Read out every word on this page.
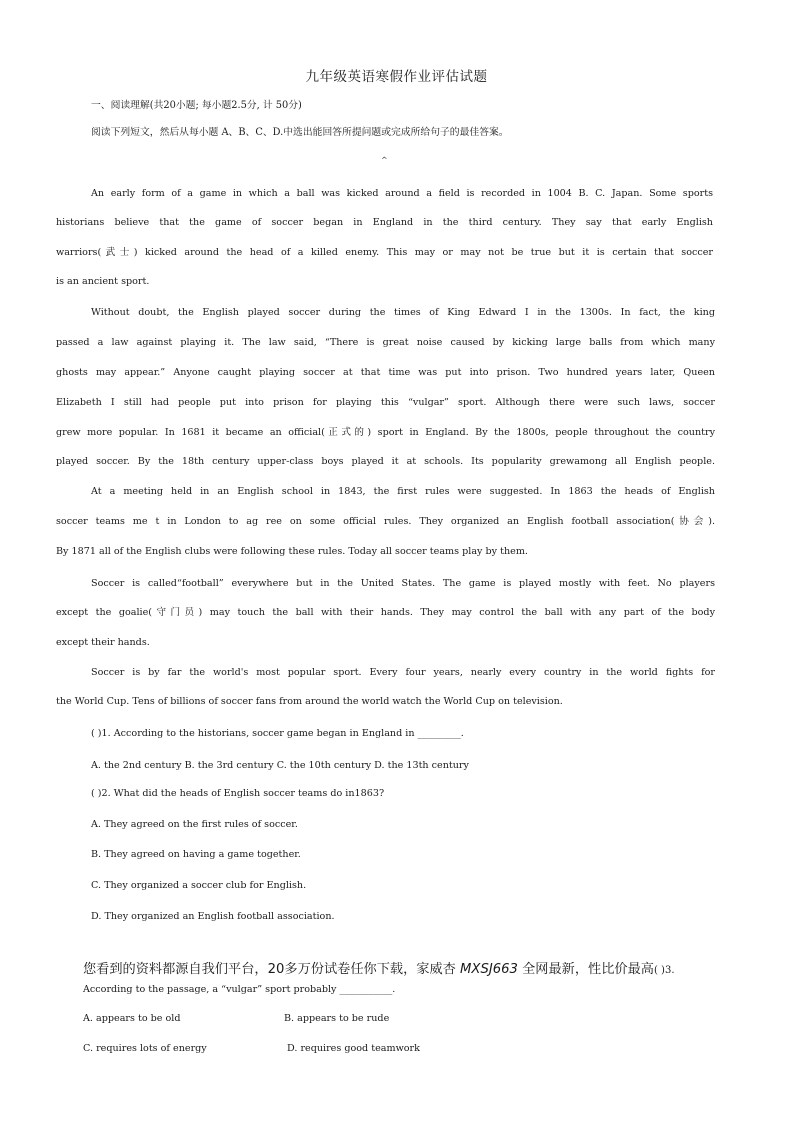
九年级英语寒假作业评估试题
一、阅读理解(共20小题; 每小题2.5分, 计 50分)
阅读下列短文，然后从每小题 A、B、C、D.中选出能回答所提问题或完成所给句子的最佳答案。
^
An early form of a game in which a ball was kicked around a field is recorded in 1004 B. C. Japan. Some sports
historians believe that the game of soccer began in England in the third century. They say that early English
warriors(武士) kicked around the head of a killed enemy. This may or may not be true but it is certain that soccer
is an ancient sport.
Without doubt, the English played soccer during the times of King Edward I in the 1300s. In fact, the king
passed a law against playing it. The law said, “There is great noise caused by kicking large balls from which many
ghosts may appear.” Anyone caught playing soccer at that time was put into prison. Two hundred years later, Queen
Elizabeth I still had people put into prison for playing this “vulgar” sport. Although there were such laws, soccer
grew more popular. In 1681 it became an official(正式的) sport in England. By the 1800s, people throughout the country
played soccer. By the 18th century upper-class boys played it at schools. Its popularity grewamong all English people.
At a meeting held in an English school in 1843, the first rules were suggested. In 1863 the heads of English
soccer teams me t in London to ag ree on some official rules. They organized an English football association(协会).
By 1871 all of the English clubs were following these rules. Today all soccer teams play by them.
Soccer is called“football” everywhere but in the United States. The game is played mostly with feet. No players
except the goalie(守门员) may touch the ball with their hands. They may control the ball with any part of the body
except their hands.
Soccer is by far the world's most popular sport. Every four years, nearly every country in the world fights for
the World Cup. Tens of billions of soccer fans from around the world watch the World Cup on television.
( )1. According to the historians, soccer game began in England in _________.
A. the 2nd century B. the 3rd century C. the 10th century D. the 13th century
( )2. What did the heads of English soccer teams do in1863?
A. They agreed on the first rules of soccer.
B. They agreed on having a game together.
C. They organized a soccer club for English.
D. They organized an English football association.
您看到的资料都源自我们平台，20多万份试卷任你下载，家威杏 MXSJ663 全网最新，性比价最高( )3.
According to the passage, a “vulgar” sport probably ___________.
A. appears to be old	B. appears to be rude
C. requires lots of energy	D. requires good teamwork
